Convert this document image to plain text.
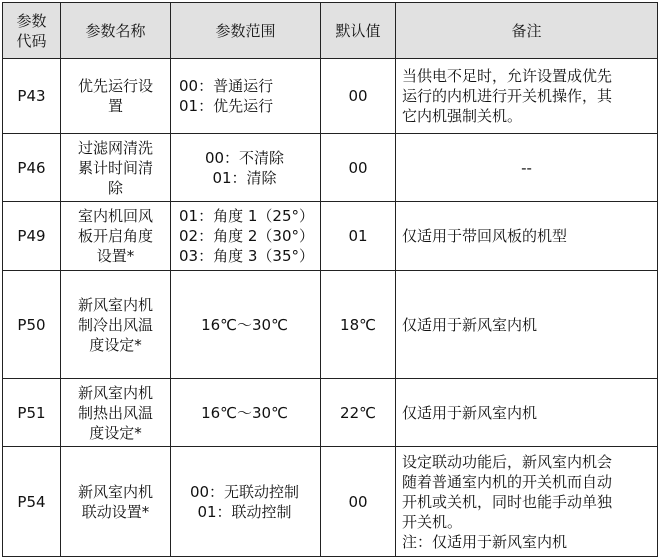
参数
代码	参数名称	参数范围	默认值	备注
P43	优先运行设
置	00：普通运行
01：优先运行	00	当供电不足时，允许设置成优先
运行的内机进行开关机操作，其
它内机强制关机。

P46	过滤网清洗
累计时间清
除	00：不清除
01：清除	00	--

P49	室内机回风
板开启角度
设置*	01：角度 1（25°）
02：角度 2（30°）
03：角度 3（35°）	01	仅适用于带回风板的机型

P50	新风室内机
制冷出风温
度设定*	16℃～30℃	18℃	仅适用于新风室内机

P51	新风室内机
制热出风温
度设定*	16℃～30℃	22℃	仅适用于新风室内机

P54	新风室内机
联动设置*	00：无联动控制
01：联动控制	00	设定联动功能后，新风室内机会
随着普通室内机的开关机而自动
开机或关机，同时也能手动单独
开关机。
注：仅适用于新风室内机
